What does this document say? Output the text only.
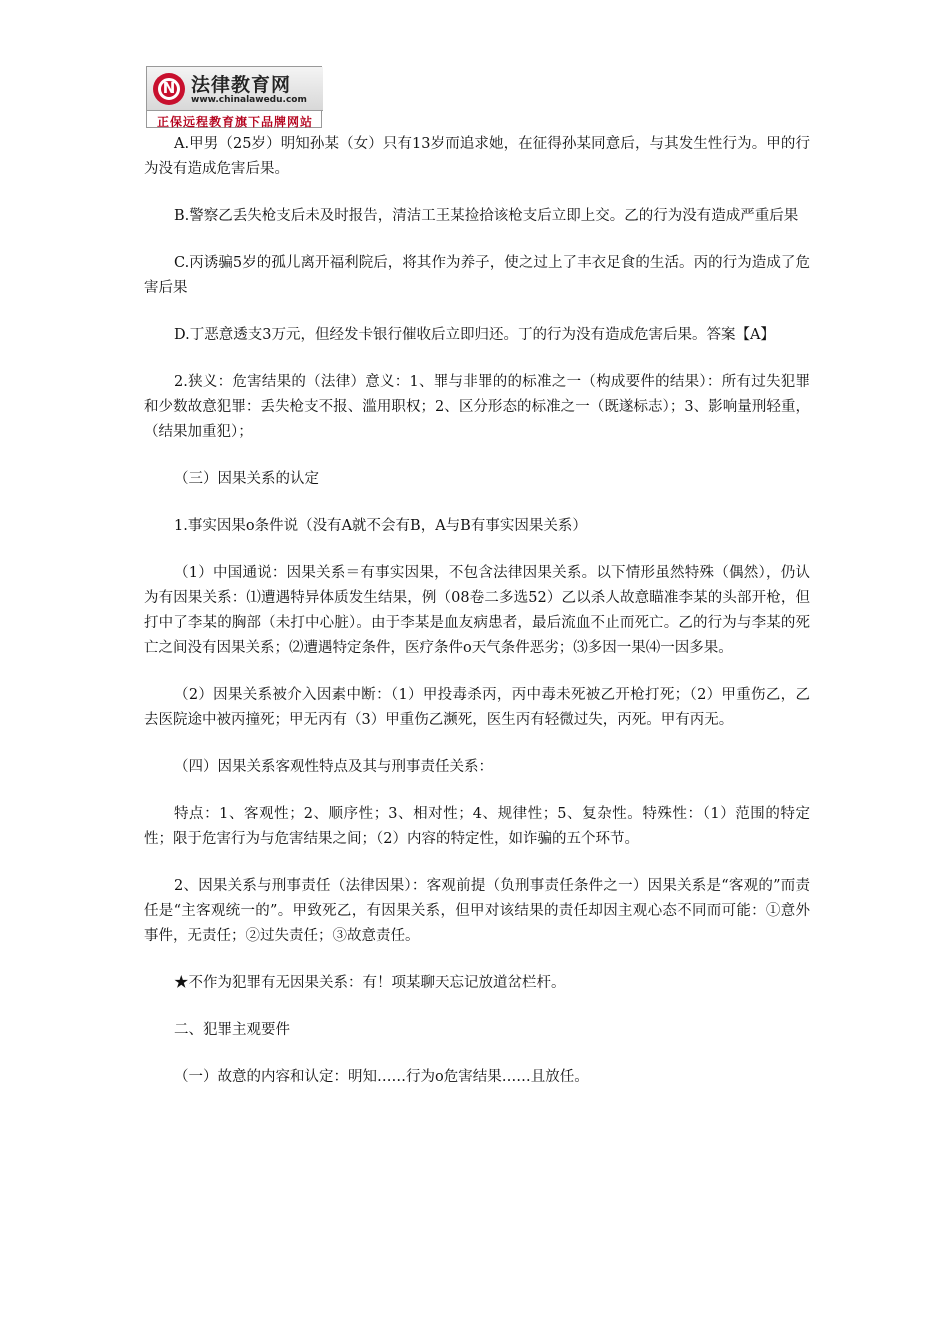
N 法律教育网
www.chinalawedu.com
正保远程教育旗下品牌网站

A.甲男（25岁）明知孙某（女）只有13岁而追求她，在征得孙某同意后，与其发生性行为。甲的行为没有造成危害后果。

B.警察乙丢失枪支后未及时报告，清洁工王某捡拾该枪支后立即上交。乙的行为没有造成严重后果

C.丙诱骗5岁的孤儿离开福利院后，将其作为养子，使之过上了丰衣足食的生活。丙的行为造成了危害后果

D.丁恶意透支3万元，但经发卡银行催收后立即归还。丁的行为没有造成危害后果。答案【A】

2.狭义：危害结果的（法律）意义：1、罪与非罪的的标准之一（构成要件的结果）：所有过失犯罪和少数故意犯罪：丢失枪支不报、滥用职权；2、区分形态的标准之一（既遂标志）；3、影响量刑轻重，（结果加重犯）；

（三）因果关系的认定

1.事实因果o条件说（没有A就不会有B，A与B有事实因果关系）

（1）中国通说：因果关系＝有事实因果，不包含法律因果关系。以下情形虽然特殊（偶然），仍认为有因果关系：⑴遭遇特异体质发生结果，例（08卷二多选52）乙以杀人故意瞄准李某的头部开枪，但打中了李某的胸部（未打中心脏）。由于李某是血友病患者，最后流血不止而死亡。乙的行为与李某的死亡之间没有因果关系；⑵遭遇特定条件，医疗条件o天气条件恶劣；⑶多因一果⑷一因多果。

（2）因果关系被介入因素中断：（1）甲投毒杀丙，丙中毒未死被乙开枪打死；（2）甲重伤乙，乙去医院途中被丙撞死；甲无丙有（3）甲重伤乙濒死，医生丙有轻微过失，丙死。甲有丙无。

（四）因果关系客观性特点及其与刑事责任关系：

特点：1、客观性；2、顺序性；3、相对性；4、规律性；5、复杂性。特殊性：（1）范围的特定性；限于危害行为与危害结果之间；（2）内容的特定性，如诈骗的五个环节。

2、因果关系与刑事责任（法律因果）：客观前提（负刑事责任条件之一）因果关系是“客观的”而责任是“主客观统一的”。甲致死乙，有因果关系，但甲对该结果的责任却因主观心态不同而可能：①意外事件，无责任；②过失责任；③故意责任。

★不作为犯罪有无因果关系：有！项某聊天忘记放道岔栏杆。

二、犯罪主观要件

（一）故意的内容和认定：明知……行为o危害结果……且放任。
